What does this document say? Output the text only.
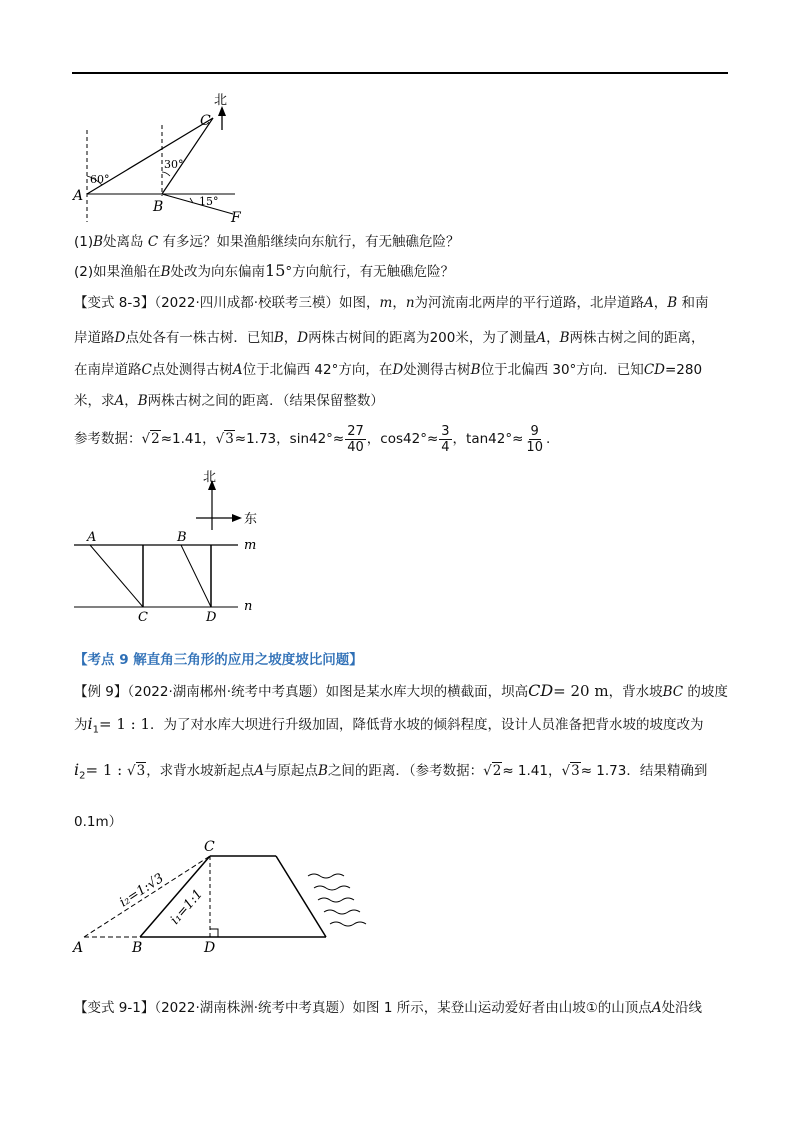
北
C
A
B
F
60°
30°
15°
(1)B处离岛 C 有多远？如果渔船继续向东航行，有无触礁危险？
(2)如果渔船在B处改为向东偏南15°方向航行，有无触礁危险？
【变式 8-3】（2022·四川成都·校联考三模）如图，m，n为河流南北两岸的平行道路，北岸道路A，B 和南
岸道路D点处各有一株古树．已知B，D两株古树间的距离为200米，为了测量A，B两株古树之间的距离，
在南岸道路C点处测得古树A位于北偏西 42°方向，在D处测得古树B位于北偏西 30°方向．已知CD=280
米，求A，B两株古树之间的距离．（结果保留整数）
参考数据：√2≈1.41，√3≈1.73，$\sin 42^\circ\approx \frac{27}{40}$ ，$\cos 42^\circ\approx \frac{3}{4}$ ，$\tan 42^\circ\approx \frac{9}{10}$ .
北
东
A	B
m
n
C	D
【考点 9 解直角三角形的应用之坡度坡比问题】
【例 9】（2022·湖南郴州·统考中考真题）如图是某水库大坝的横截面，坝高CD= 20 m，背水坡BC 的坡度
为$i_1= 1$ : 1．为了对水库大坝进行升级加固，降低背水坡的倾斜程度，设计人员准备把背水坡的坡度改为
$i_2= 1$ : √3，求背水坡新起点A与原起点B之间的距离．（参考数据：√2≈ 1.41，√3≈ 1.73．结果精确到
0.1m）
C
A	B	D
i₂=1:√3 i₁=1:1
【变式 9-1】（2022·湖南株洲·统考中考真题）如图 1 所示，某登山运动爱好者由山坡①的山顶点A处沿线
